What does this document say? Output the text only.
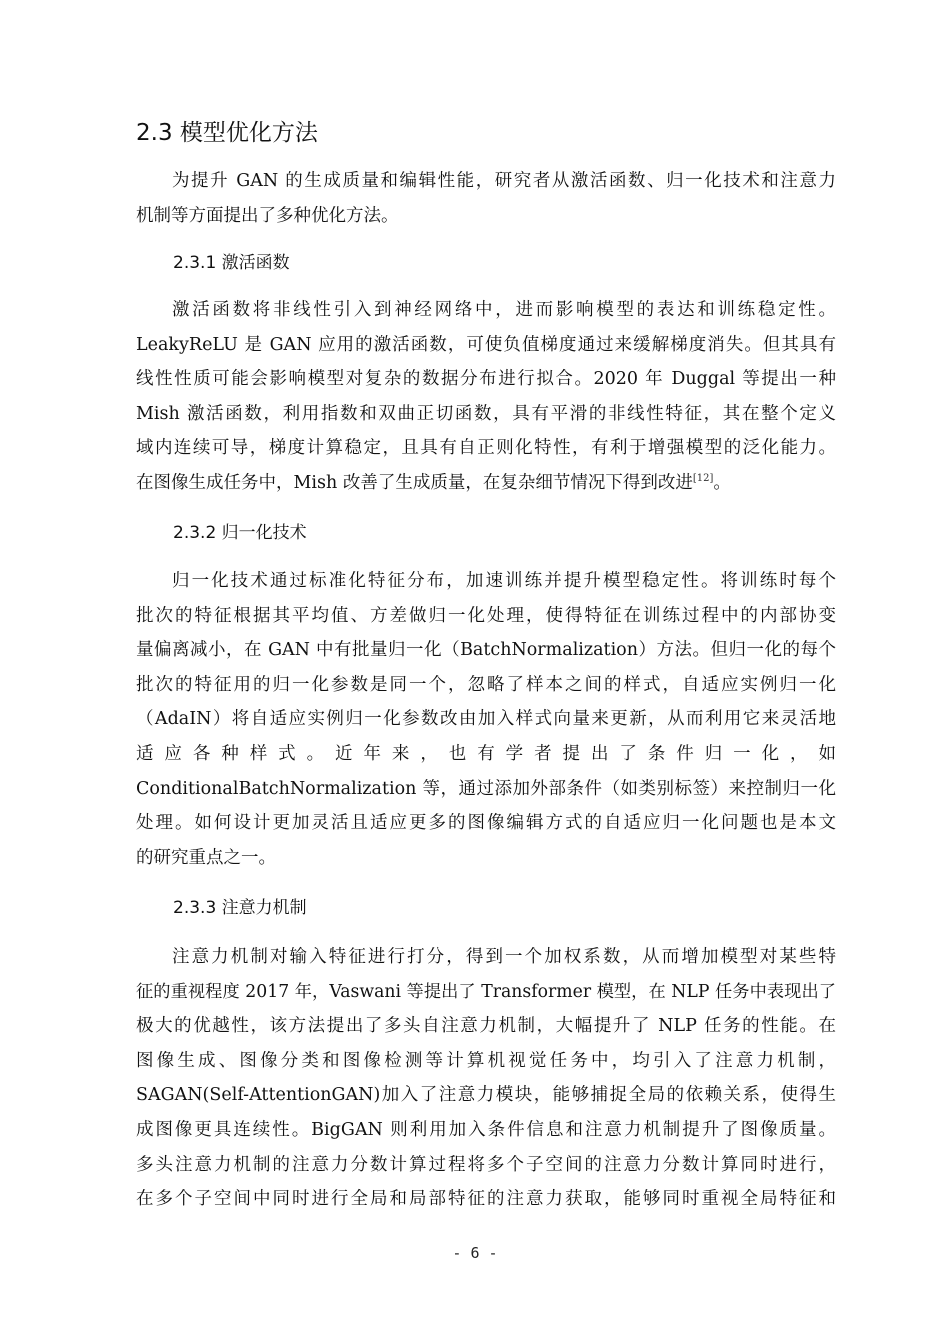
2.3 模型优化方法
为提升 GAN 的生成质量和编辑性能，研究者从激活函数、归一化技术和注意力
机制等方面提出了多种优化方法。
2.3.1 激活函数
激活函数将非线性引入到神经网络中，进而影响模型的表达和训练稳定性。
LeakyReLU 是 GAN 应用的激活函数，可使负值梯度通过来缓解梯度消失。但其具有
线性性质可能会影响模型对复杂的数据分布进行拟合。2020 年 Duggal 等提出一种
Mish 激活函数，利用指数和双曲正切函数，具有平滑的非线性特征，其在整个定义
域内连续可导，梯度计算稳定，且具有自正则化特性，有利于增强模型的泛化能力。
在图像生成任务中，Mish 改善了生成质量，在复杂细节情况下得到改进[12]。
2.3.2 归一化技术
归一化技术通过标准化特征分布，加速训练并提升模型稳定性。将训练时每个
批次的特征根据其平均值、方差做归一化处理，使得特征在训练过程中的内部协变
量偏离减小，在 GAN 中有批量归一化（BatchNormalization）方法。但归一化的每个
批次的特征用的归一化参数是同一个，忽略了样本之间的样式，自适应实例归一化
（AdaIN）将自适应实例归一化参数改由加入样式向量来更新，从而利用它来灵活地
适 应 各 种 样 式 。 近 年 来 ， 也 有 学 者 提 出 了 条 件 归 一 化 ， 如
ConditionalBatchNormalization 等，通过添加外部条件（如类别标签）来控制归一化
处理。如何设计更加灵活且适应更多的图像编辑方式的自适应归一化问题也是本文
的研究重点之一。
2.3.3 注意力机制
注意力机制对输入特征进行打分，得到一个加权系数，从而增加模型对某些特
征的重视程度 2017 年，Vaswani 等提出了 Transformer 模型，在 NLP 任务中表现出了
极大的优越性，该方法提出了多头自注意力机制，大幅提升了 NLP 任务的性能。在
图像生成、图像分类和图像检测等计算机视觉任务中，均引入了注意力机制，
SAGAN(Self-AttentionGAN)加入了注意力模块，能够捕捉全局的依赖关系，使得生
成图像更具连续性。BigGAN 则利用加入条件信息和注意力机制提升了图像质量。
多头注意力机制的注意力分数计算过程将多个子空间的注意力分数计算同时进行，
在多个子空间中同时进行全局和局部特征的注意力获取，能够同时重视全局特征和
- 6 -
